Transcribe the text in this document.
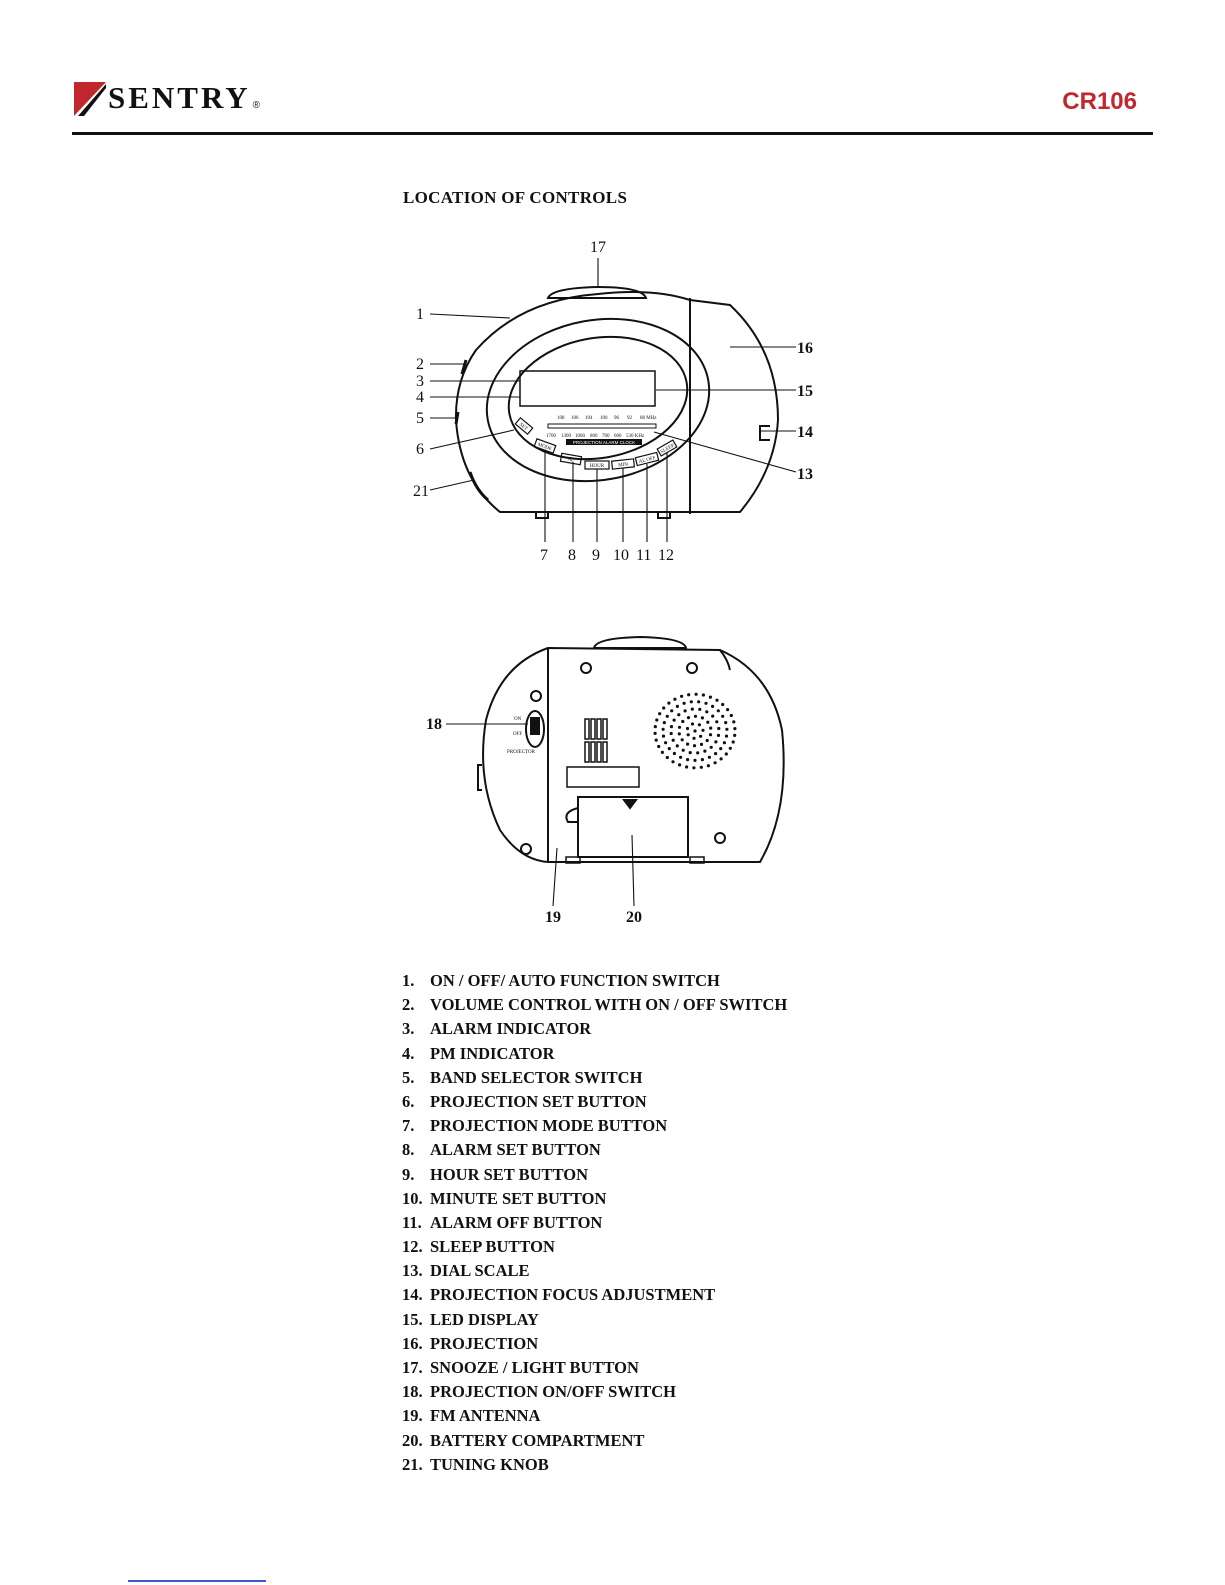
SENTRY ®	CR106
LOCATION OF CONTROLS
108 106 104 100 96 92 88 MHz
1700 1300 1000 800 700 600 530 KHz
PROJECTION ALARM CLOCK
SET
MODE
AL
HOUR	MIN
AL OFF
SLEEP
17
1
2
3
4
5
6
21
16
15
14
13
7 8 9 10 11 12
ON
OFF
PROJECTOR
18
19	20
1. ON / OFF/ AUTO FUNCTION SWITCH
2. VOLUME CONTROL WITH ON / OFF SWITCH
3. ALARM INDICATOR
4. PM INDICATOR
5. BAND SELECTOR SWITCH
6. PROJECTION SET BUTTON
7. PROJECTION MODE BUTTON
8. ALARM SET BUTTON
9. HOUR SET BUTTON
10. MINUTE SET BUTTON
11. ALARM OFF BUTTON
12. SLEEP BUTTON
13. DIAL SCALE
14. PROJECTION FOCUS ADJUSTMENT
15. LED DISPLAY
16. PROJECTION
17. SNOOZE / LIGHT BUTTON
18. PROJECTION ON/OFF SWITCH
19. FM ANTENNA
20. BATTERY COMPARTMENT
21. TUNING KNOB
